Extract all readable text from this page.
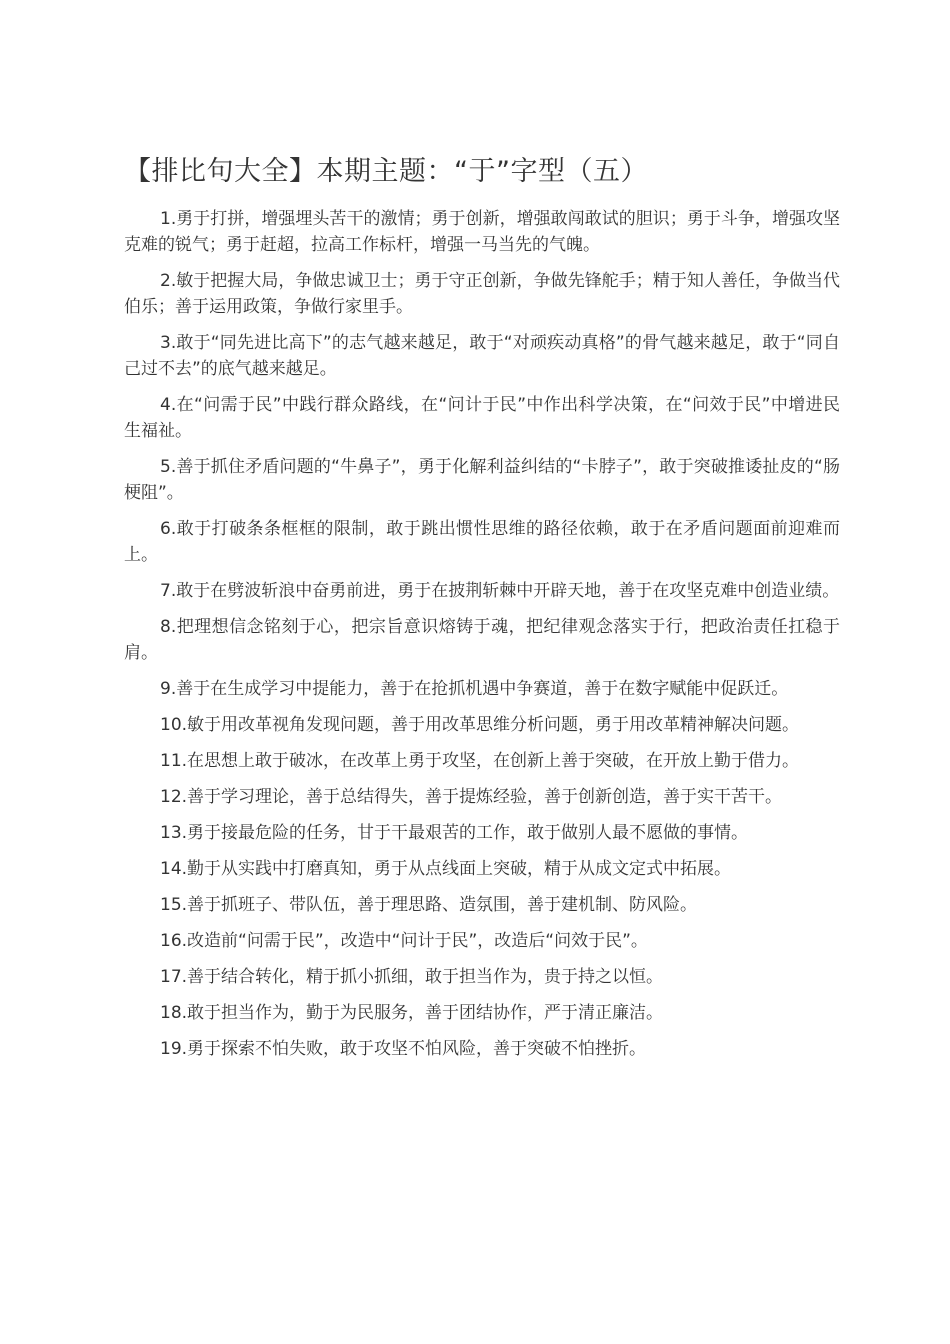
【排比句大全】本期主题：“于”字型（五）

1.勇于打拼，增强埋头苦干的激情；勇于创新，增强敢闯敢试的胆识；勇于斗争，增强攻坚克难的锐气；勇于赶超，拉高工作标杆，增强一马当先的气魄。

2.敏于把握大局，争做忠诚卫士；勇于守正创新，争做先锋舵手；精于知人善任，争做当代伯乐；善于运用政策，争做行家里手。

3.敢于“同先进比高下”的志气越来越足，敢于“对顽疾动真格”的骨气越来越足，敢于“同自己过不去”的底气越来越足。

4.在“问需于民”中践行群众路线，在“问计于民”中作出科学决策，在“问效于民”中增进民生福祉。

5.善于抓住矛盾问题的“牛鼻子”，勇于化解利益纠结的“卡脖子”，敢于突破推诿扯皮的“肠梗阻”。

6.敢于打破条条框框的限制，敢于跳出惯性思维的路径依赖，敢于在矛盾问题面前迎难而上。

7.敢于在劈波斩浪中奋勇前进，勇于在披荆斩棘中开辟天地，善于在攻坚克难中创造业绩。

8.把理想信念铭刻于心，把宗旨意识熔铸于魂，把纪律观念落实于行，把政治责任扛稳于肩。

9.善于在生成学习中提能力，善于在抢抓机遇中争赛道，善于在数字赋能中促跃迁。

10.敏于用改革视角发现问题，善于用改革思维分析问题，勇于用改革精神解决问题。

11.在思想上敢于破冰，在改革上勇于攻坚，在创新上善于突破，在开放上勤于借力。

12.善于学习理论，善于总结得失，善于提炼经验，善于创新创造，善于实干苦干。

13.勇于接最危险的任务，甘于干最艰苦的工作，敢于做别人最不愿做的事情。

14.勤于从实践中打磨真知，勇于从点线面上突破，精于从成文定式中拓展。

15.善于抓班子、带队伍，善于理思路、造氛围，善于建机制、防风险。

16.改造前“问需于民”，改造中“问计于民”，改造后“问效于民”。

17.善于结合转化，精于抓小抓细，敢于担当作为，贵于持之以恒。

18.敢于担当作为，勤于为民服务，善于团结协作，严于清正廉洁。

19.勇于探索不怕失败，敢于攻坚不怕风险，善于突破不怕挫折。
